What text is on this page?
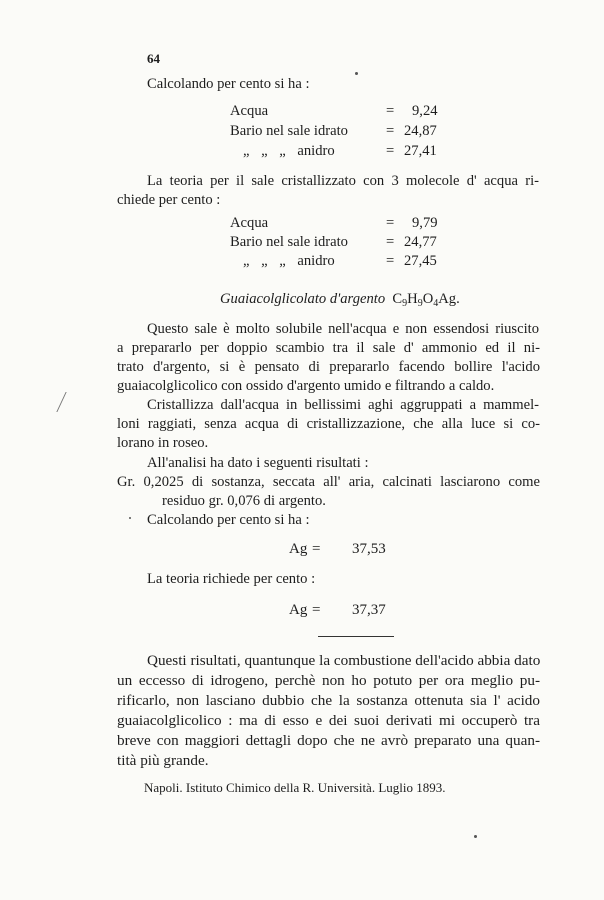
64
Calcolando per cento si ha :
Acqua	= 9,24
Bario nel sale idrato	= 24,87
„ „ „ anidro	= 27,41
La teoria per il sale cristallizzato con 3 molecole d' acqua ri-
chiede per cento :
Acqua	= 9,79
Bario nel sale idrato	= 24,77
„ „ „ anidro	= 27,45
Guaiacolglicolato d'argento $C_9H_9O_4Ag$.
Questo sale è molto solubile nell'acqua e non essendosi riuscito
a prepararlo per doppio scambio tra il sale d' ammonio ed il ni-
trato d'argento, si è pensato di prepararlo facendo bollire l'acido
guaiacolglicolico con ossido d'argento umido e filtrando a caldo.
Cristallizza dall'acqua in bellissimi aghi aggruppati a mammel-
loni raggiati, senza acqua di cristallizzazione, che alla luce si co-
lorano in roseo.
All'analisi ha dato i seguenti risultati :
Gr. 0,2025 di sostanza, seccata all' aria, calcinati lasciarono come
residuo gr. 0,076 di argento.
Calcolando per cento si ha :
Ag = 37,53
La teoria richiede per cento :
Ag = 37,37
Questi risultati, quantunque la combustione dell'acido abbia dato
un eccesso di idrogeno, perchè non ho potuto per ora meglio pu-
rificarlo, non lasciano dubbio che la sostanza ottenuta sia l' acido
guaiacolglicolico : ma di esso e dei suoi derivati mi occuperò tra
breve con maggiori dettagli dopo che ne avrò preparato una quan-
tità più grande.
Napoli. Istituto Chimico della R. Università. Luglio 1893.
